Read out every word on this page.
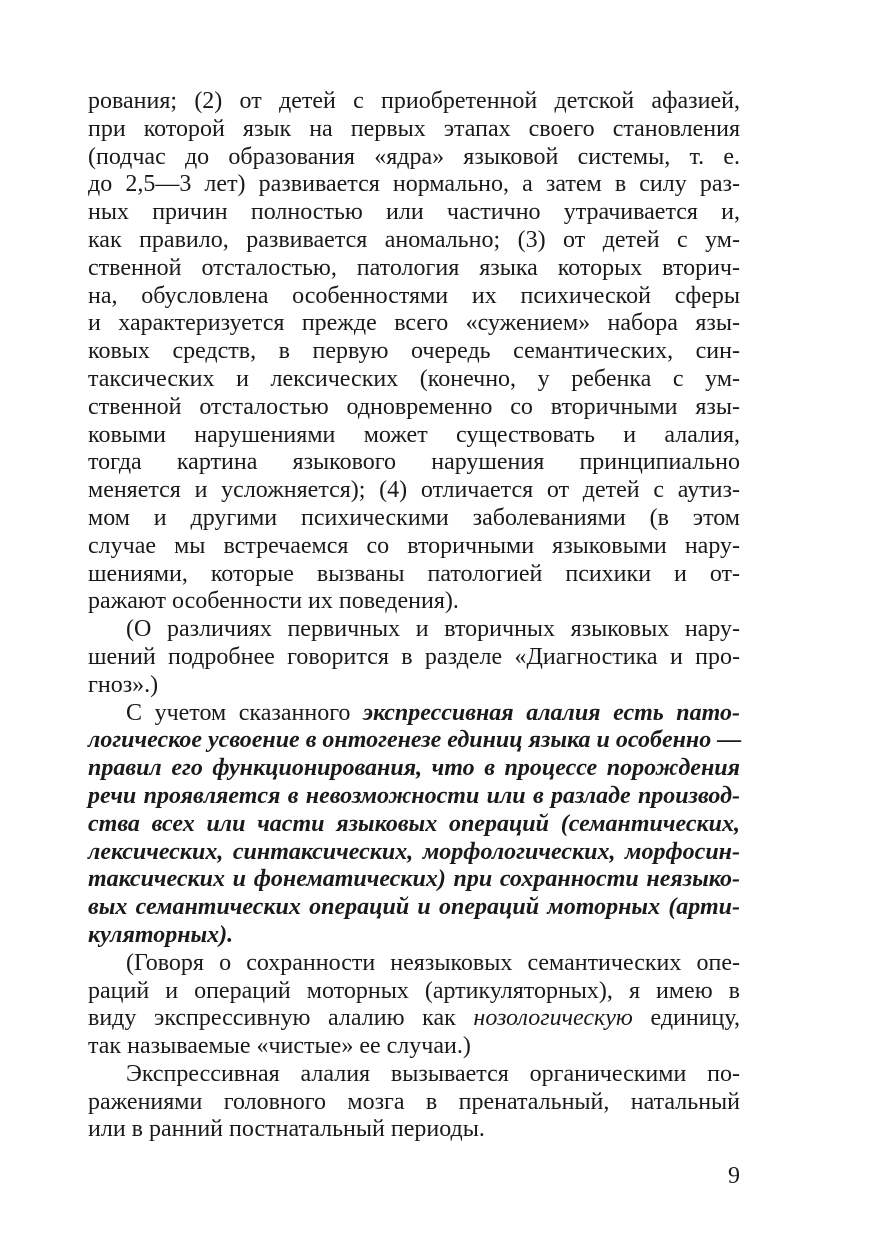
рования; (2) от детей с приобретенной детской афазией,
при которой язык на первых этапах своего становления
(подчас до образования «ядра» языковой системы, т. е.
до 2,5—3 лет) развивается нормально, а затем в силу раз-
ных причин полностью или частично утрачивается и,
как правило, развивается аномально; (3) от детей с ум-
ственной отсталостью, патология языка которых вторич-
на, обусловлена особенностями их психической сферы
и характеризуется прежде всего «сужением» набора язы-
ковых средств, в первую очередь семантических, син-
таксических и лексических (конечно, у ребенка с ум-
ственной отсталостью одновременно со вторичными язы-
ковыми нарушениями может существовать и алалия,
тогда картина языкового нарушения принципиально
меняется и усложняется); (4) отличается от детей с аутиз-
мом и другими психическими заболеваниями (в этом
случае мы встречаемся со вторичными языковыми нару-
шениями, которые вызваны патологией психики и от-
ражают особенности их поведения).
(О различиях первичных и вторичных языковых нару-
шений подробнее говорится в разделе «Диагностика и про-
гноз».)
С учетом сказанного экспрессивная алалия есть пато-
логическое усвоение в онтогенезе единиц языка и особенно —
правил его функционирования, что в процессе порождения
речи проявляется в невозможности или в разладе производ-
ства всех или части языковых операций (семантических,
лексических, синтаксических, морфологических, морфосин-
таксических и фонематических) при сохранности неязыко-
вых семантических операций и операций моторных (арти-
куляторных).
(Говоря о сохранности неязыковых семантических опе-
раций и операций моторных (артикуляторных), я имею в
виду экспрессивную алалию как нозологическую единицу,
так называемые «чистые» ее случаи.)
Экспрессивная алалия вызывается органическими по-
ражениями головного мозга в пренатальный, натальный
или в ранний постнатальный периоды.
9
